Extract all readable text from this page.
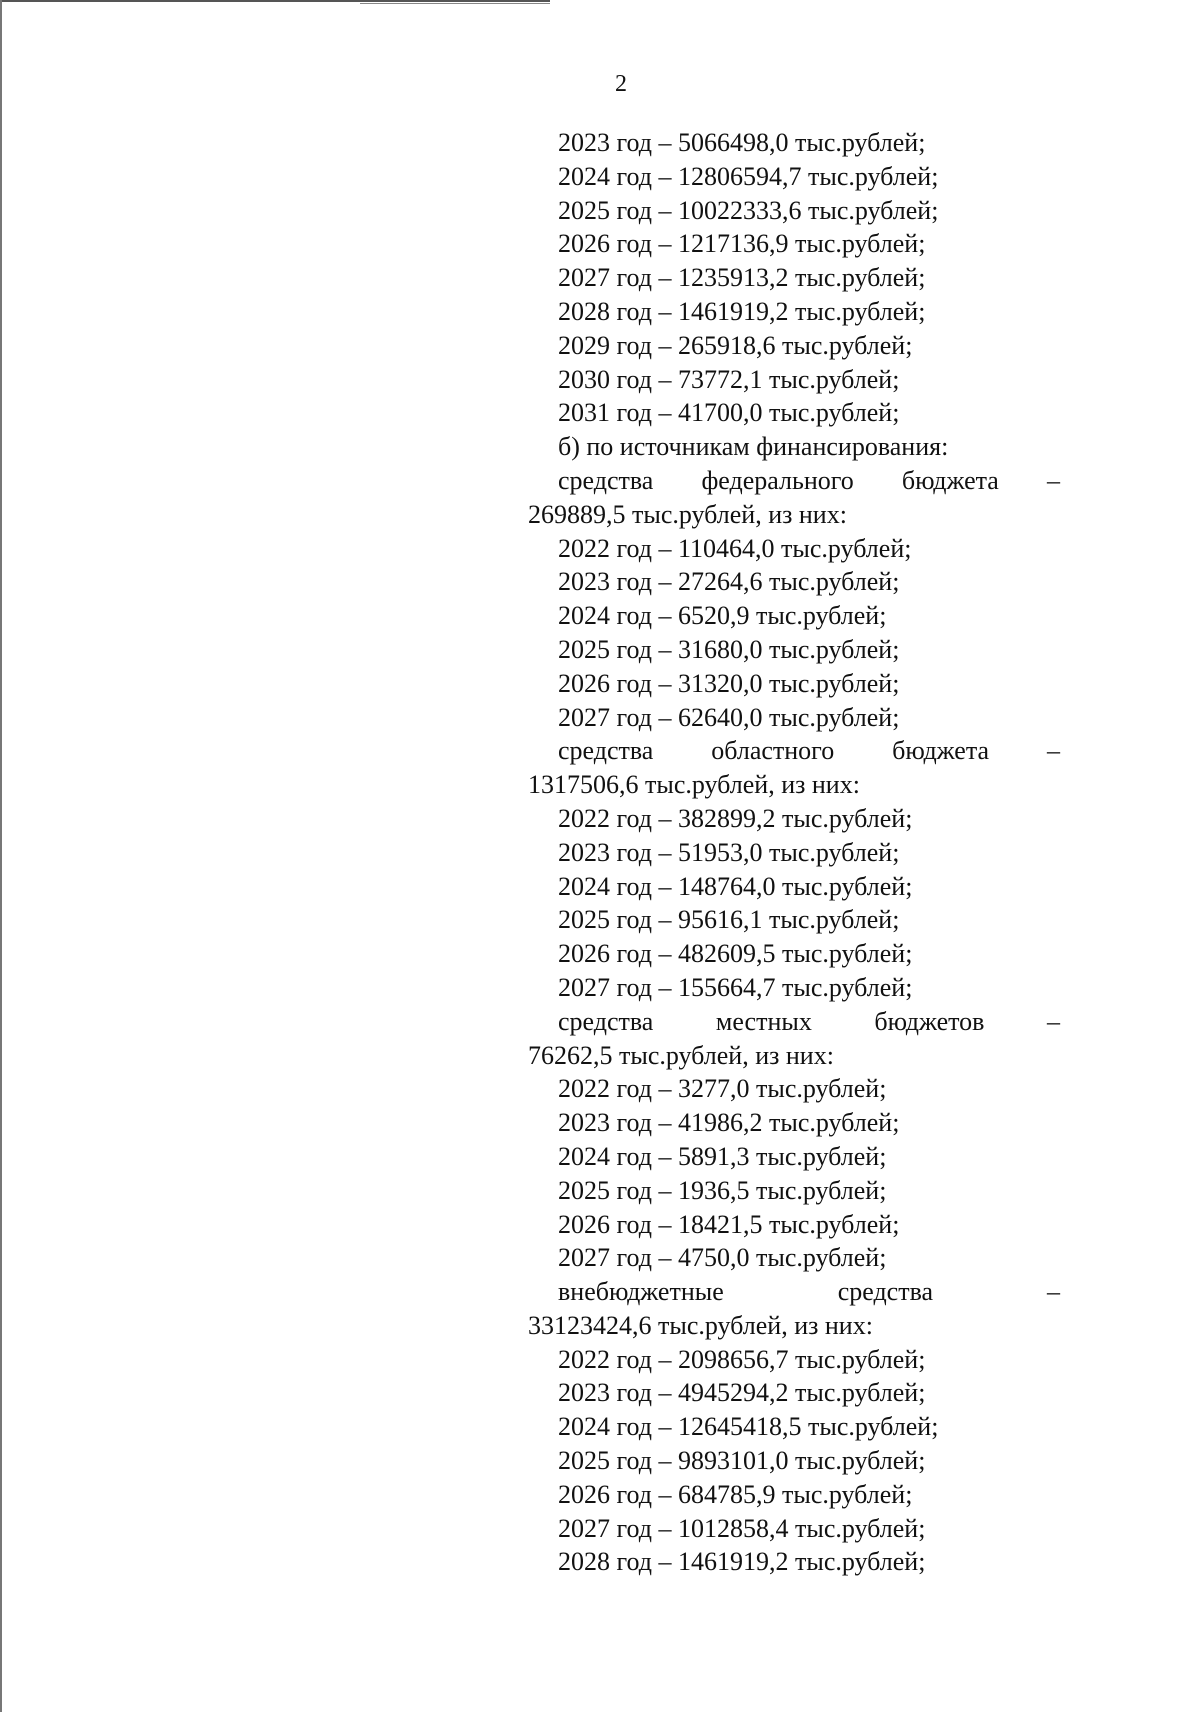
2
2023 год – 5066498,0 тыс.рублей;
2024 год – 12806594,7 тыс.рублей;
2025 год – 10022333,6 тыс.рублей;
2026 год – 1217136,9 тыс.рублей;
2027 год – 1235913,2 тыс.рублей;
2028 год – 1461919,2 тыс.рублей;
2029 год – 265918,6 тыс.рублей;
2030 год – 73772,1 тыс.рублей;
2031 год – 41700,0 тыс.рублей;
б) по источникам финансирования:
средства федерального бюджета –
269889,5 тыс.рублей, из них:
2022 год – 110464,0 тыс.рублей;
2023 год – 27264,6 тыс.рублей;
2024 год – 6520,9 тыс.рублей;
2025 год – 31680,0 тыс.рублей;
2026 год – 31320,0 тыс.рублей;
2027 год – 62640,0 тыс.рублей;
средства областного бюджета –
1317506,6 тыс.рублей, из них:
2022 год – 382899,2 тыс.рублей;
2023 год – 51953,0 тыс.рублей;
2024 год – 148764,0 тыс.рублей;
2025 год – 95616,1 тыс.рублей;
2026 год – 482609,5 тыс.рублей;
2027 год – 155664,7 тыс.рублей;
средства местных бюджетов –
76262,5 тыс.рублей, из них:
2022 год – 3277,0 тыс.рублей;
2023 год – 41986,2 тыс.рублей;
2024 год – 5891,3 тыс.рублей;
2025 год – 1936,5 тыс.рублей;
2026 год – 18421,5 тыс.рублей;
2027 год – 4750,0 тыс.рублей;
внебюджетные	средства	–
33123424,6 тыс.рублей, из них:
2022 год – 2098656,7 тыс.рублей;
2023 год – 4945294,2 тыс.рублей;
2024 год – 12645418,5 тыс.рублей;
2025 год – 9893101,0 тыс.рублей;
2026 год – 684785,9 тыс.рублей;
2027 год – 1012858,4 тыс.рублей;
2028 год – 1461919,2 тыс.рублей;
